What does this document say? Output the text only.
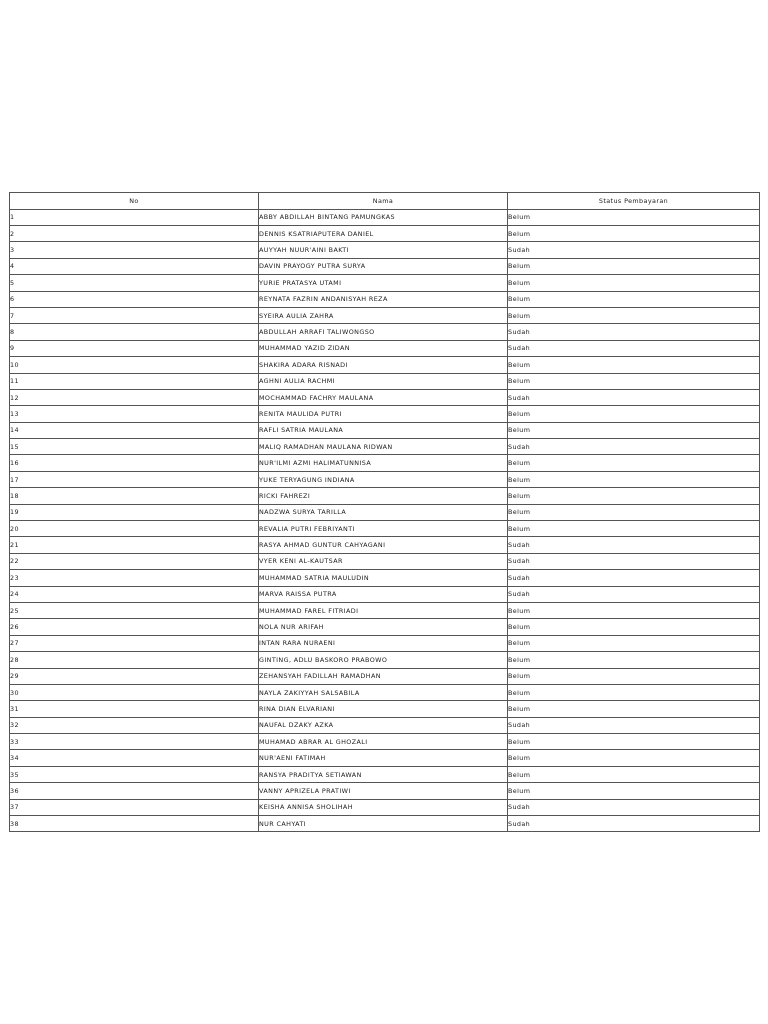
No	Nama	Status Pembayaran
1	ABBY ABDILLAH BINTANG PAMUNGKAS	Belum
2	DENNIS KSATRIAPUTERA DANIEL	Belum
3	AUYYAH NUUR'AINI BAKTI	Sudah
4	DAVIN PRAYOGY PUTRA SURYA	Belum
5	YURIE PRATASYA UTAMI	Belum
6	REYNATA FAZRIN ANDANISYAH REZA	Belum
7	SYEIRA AULIA ZAHRA	Belum
8	ABDULLAH ARRAFI TALIWONGSO	Sudah
9	MUHAMMAD YAZID ZIDAN	Sudah
10	SHAKIRA ADARA RISNADI	Belum
11	AGHNI AULIA RACHMI	Belum
12	MOCHAMMAD FACHRY MAULANA	Sudah
13	RENITA MAULIDA PUTRI	Belum
14	RAFLI SATRIA MAULANA	Belum
15	MALIQ RAMADHAN MAULANA RIDWAN	Sudah
16	NUR'ILMI AZMI HALIMATUNNISA	Belum
17	YUKE TERYAGUNG INDIANA	Belum
18	RICKI FAHREZI	Belum
19	NADZWA SURYA TARILLA	Belum
20	REVALIA PUTRI FEBRIYANTI	Belum
21	RASYA AHMAD GUNTUR CAHYAGANI	Sudah
22	VYER KENI AL-KAUTSAR	Sudah
23	MUHAMMAD SATRIA MAULUDIN	Sudah
24	MARVA RAISSA PUTRA	Sudah
25	MUHAMMAD FAREL FITRIADI	Belum
26	NOLA NUR ARIFAH	Belum
27	INTAN RARA NURAENI	Belum
28	GINTING, ADLU BASKORO PRABOWO	Belum
29	ZEHANSYAH FADILLAH RAMADHAN	Belum
30	NAYLA ZAKIYYAH SALSABILA	Belum
31	RINA DIAN ELVARIANI	Belum
32	NAUFAL DZAKY AZKA	Sudah
33	MUHAMAD ABRAR AL GHOZALI	Belum
34	NUR'AENI FATIMAH	Belum
35	RANSYA PRADITYA SETIAWAN	Belum
36	VANNY APRIZELA PRATIWI	Belum
37	KEISHA ANNISA SHOLIHAH	Sudah
38	NUR CAHYATI	Sudah
